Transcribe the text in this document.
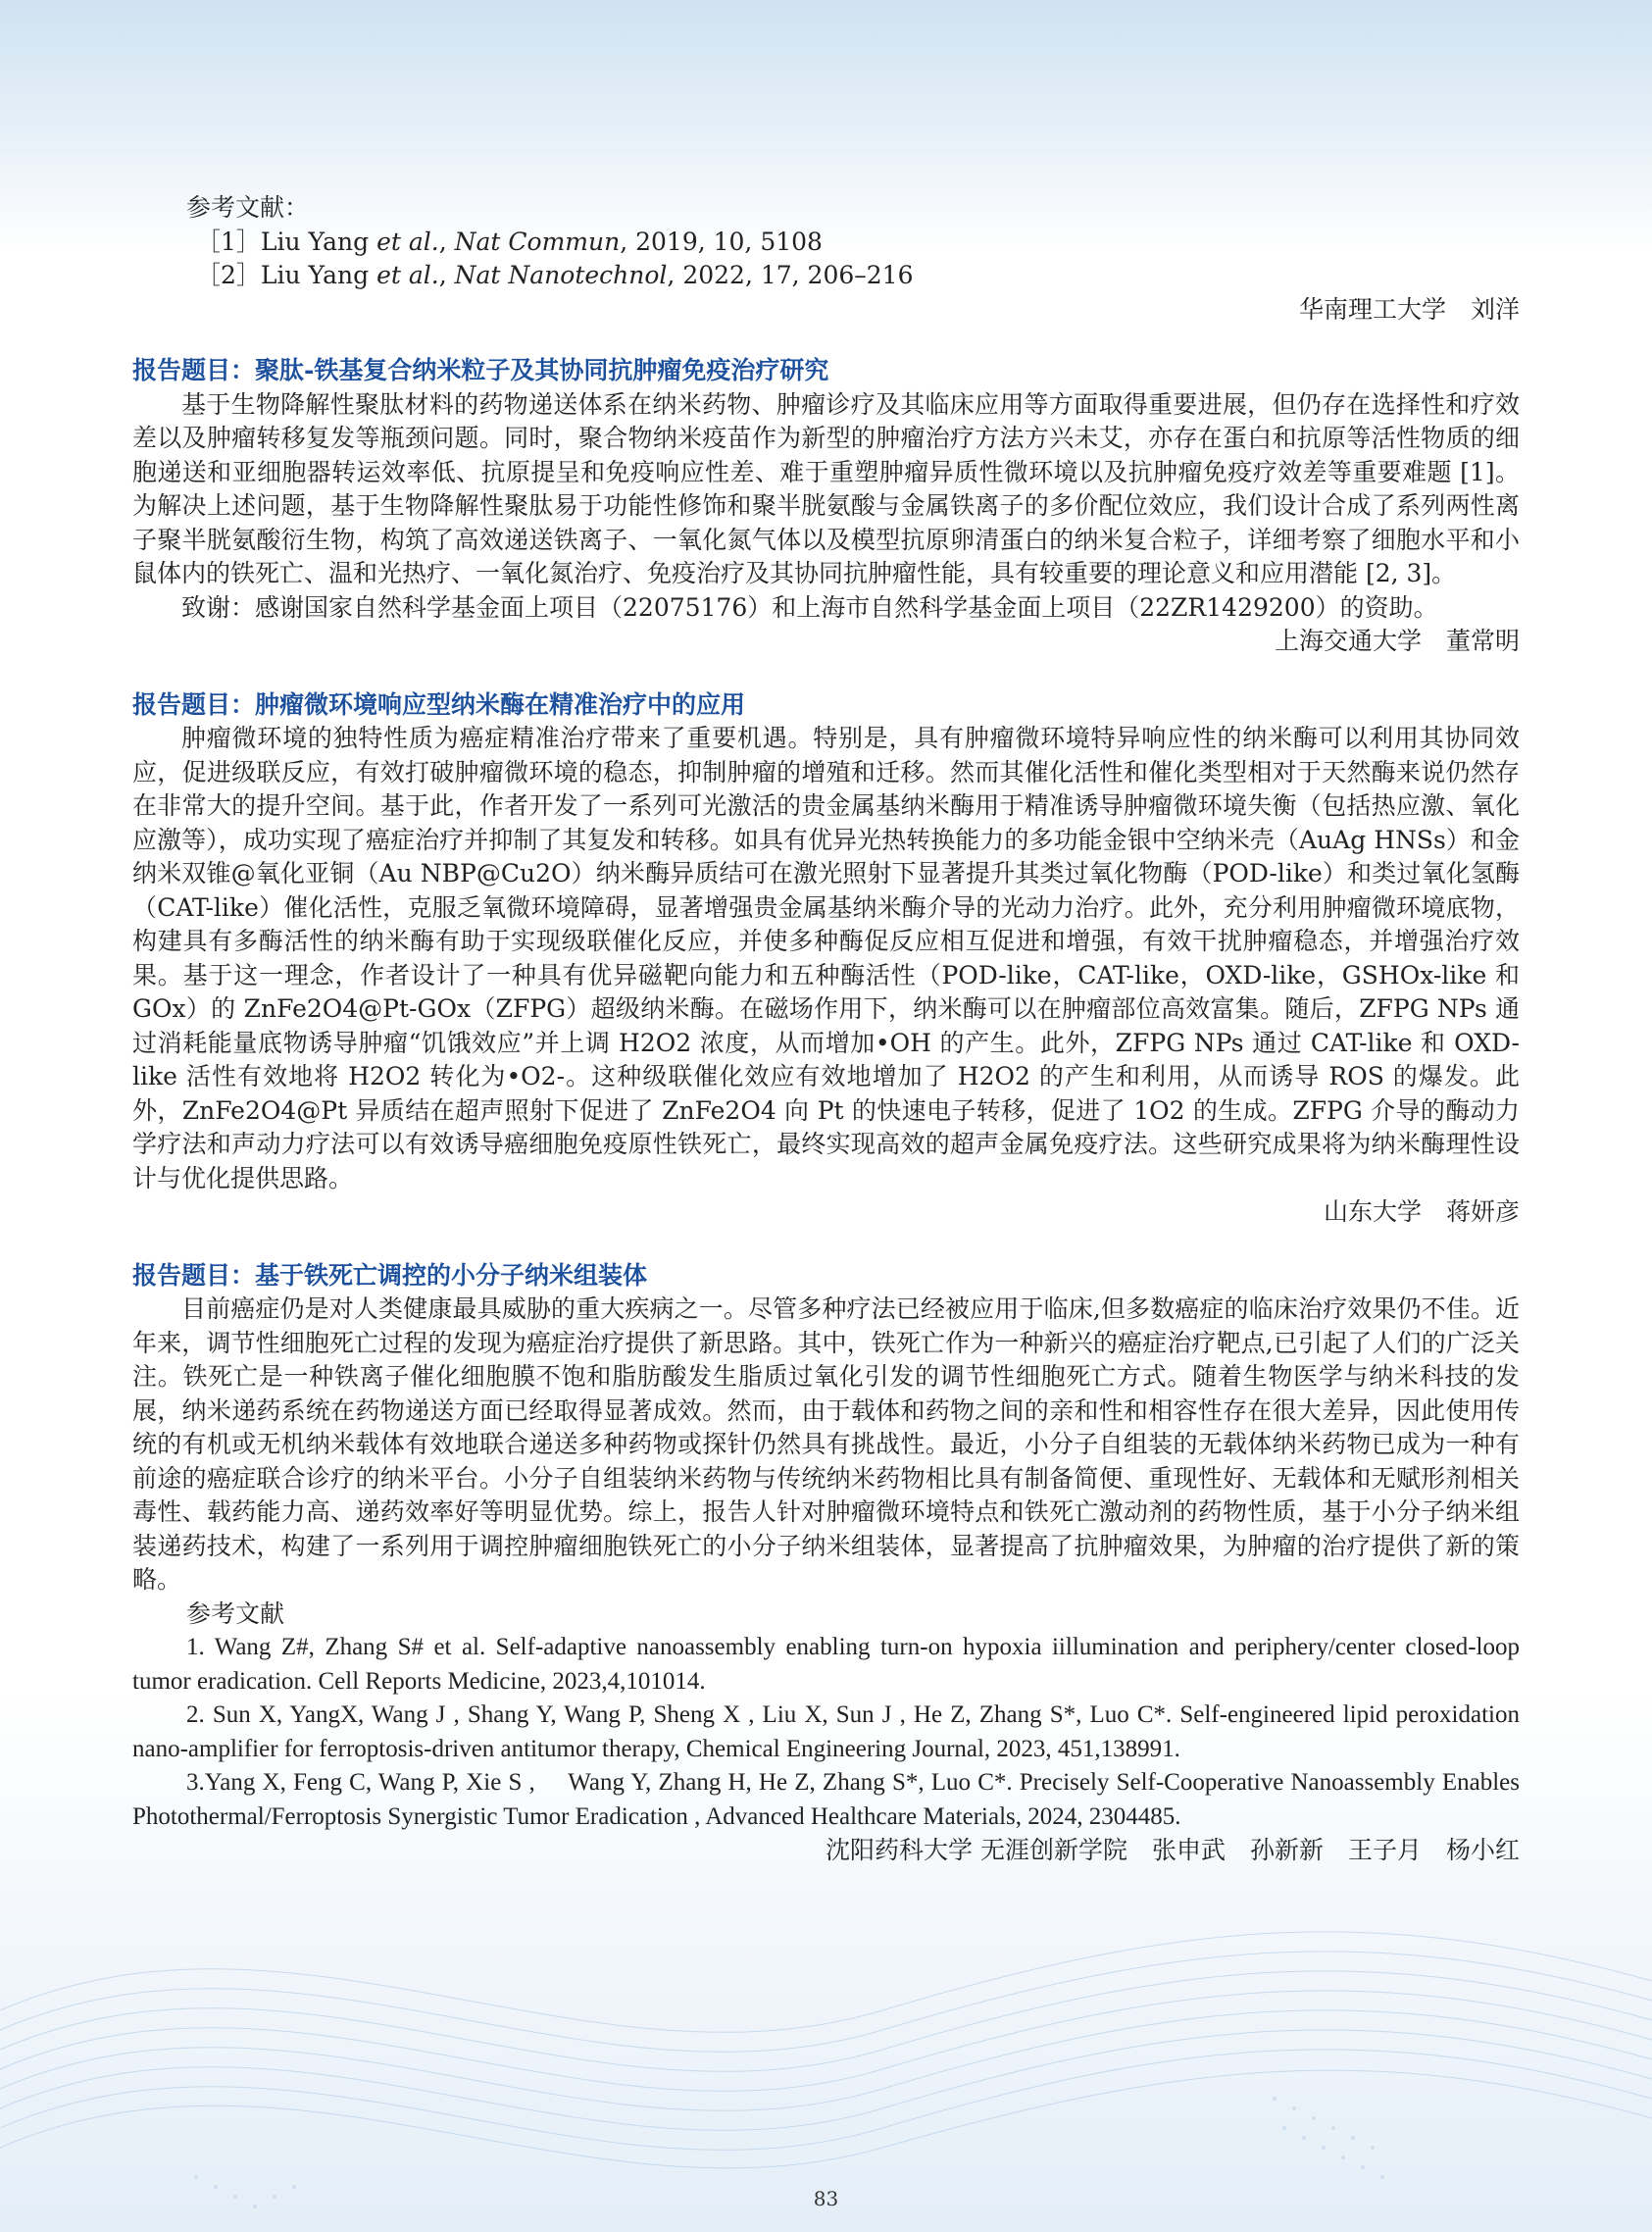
参考文献：
［1］Liu Yang et al., Nat Commun, 2019, 10, 5108
［2］Liu Yang et al., Nat Nanotechnol, 2022, 17, 206–216
华南理工大学　刘洋
报告题目：聚肽-铁基复合纳米粒子及其协同抗肿瘤免疫治疗研究

基于生物降解性聚肽材料的药物递送体系在纳米药物、肿瘤诊疗及其临床应用等方面取得重要进展，但仍存在选择性和疗效差以及肿瘤转移复发等瓶颈问题。同时，聚合物纳米疫苗作为新型的肿瘤治疗方法方兴未艾，亦存在蛋白和抗原等活性物质的细胞递送和亚细胞器转运效率低、抗原提呈和免疫响应性差、难于重塑肿瘤异质性微环境以及抗肿瘤免疫疗效差等重要难题 [1]。为解决上述问题，基于生物降解性聚肽易于功能性修饰和聚半胱氨酸与金属铁离子的多价配位效应，我们设计合成了系列两性离子聚半胱氨酸衍生物，构筑了高效递送铁离子、一氧化氮气体以及模型抗原卵清蛋白的纳米复合粒子，详细考察了细胞水平和小鼠体内的铁死亡、温和光热疗、一氧化氮治疗、免疫治疗及其协同抗肿瘤性能，具有较重要的理论意义和应用潜能 [2, 3]。

致谢：感谢国家自然科学基金面上项目（22075176）和上海市自然科学基金面上项目（22ZR1429200）的资助。

上海交通大学　董常明
报告题目：肿瘤微环境响应型纳米酶在精准治疗中的应用

肿瘤微环境的独特性质为癌症精准治疗带来了重要机遇。特别是，具有肿瘤微环境特异响应性的纳米酶可以利用其协同效应，促进级联反应，有效打破肿瘤微环境的稳态，抑制肿瘤的增殖和迁移。然而其催化活性和催化类型相对于天然酶来说仍然存在非常大的提升空间。基于此，作者开发了一系列可光激活的贵金属基纳米酶用于精准诱导肿瘤微环境失衡（包括热应激、氧化应激等），成功实现了癌症治疗并抑制了其复发和转移。如具有优异光热转换能力的多功能金银中空纳米壳（AuAg HNSs）和金纳米双锥@氧化亚铜（Au NBP@Cu2O）纳米酶异质结可在激光照射下显著提升其类过氧化物酶（POD-like）和类过氧化氢酶（CAT-like）催化活性，克服乏氧微环境障碍，显著增强贵金属基纳米酶介导的光动力治疗。此外，充分利用肿瘤微环境底物，构建具有多酶活性的纳米酶有助于实现级联催化反应，并使多种酶促反应相互促进和增强，有效干扰肿瘤稳态，并增强治疗效果。基于这一理念，作者设计了一种具有优异磁靶向能力和五种酶活性（POD-like，CAT-like，OXD-like，GSHOx-like 和 GOx）的 ZnFe2O4@Pt-GOx（ZFPG）超级纳米酶。在磁场作用下，纳米酶可以在肿瘤部位高效富集。随后，ZFPG NPs 通过消耗能量底物诱导肿瘤“饥饿效应”并上调 H2O2 浓度，从而增加•OH 的产生。此外，ZFPG NPs 通过 CAT-like 和 OXD-like 活性有效地将 H2O2 转化为•O2-。这种级联催化效应有效地增加了 H2O2 的产生和利用，从而诱导 ROS 的爆发。此外，ZnFe2O4@Pt 异质结在超声照射下促进了 ZnFe2O4 向 Pt 的快速电子转移，促进了 1O2 的生成。ZFPG 介导的酶动力学疗法和声动力疗法可以有效诱导癌细胞免疫原性铁死亡，最终实现高效的超声金属免疫疗法。这些研究成果将为纳米酶理性设计与优化提供思路。

山东大学　蒋妍彦
报告题目：基于铁死亡调控的小分子纳米组装体

目前癌症仍是对人类健康最具威胁的重大疾病之一。尽管多种疗法已经被应用于临床,但多数癌症的临床治疗效果仍不佳。近年来，调节性细胞死亡过程的发现为癌症治疗提供了新思路。其中，铁死亡作为一种新兴的癌症治疗靶点,已引起了人们的广泛关注。铁死亡是一种铁离子催化细胞膜不饱和脂肪酸发生脂质过氧化引发的调节性细胞死亡方式。随着生物医学与纳米科技的发展，纳米递药系统在药物递送方面已经取得显著成效。然而，由于载体和药物之间的亲和性和相容性存在很大差异，因此使用传统的有机或无机纳米载体有效地联合递送多种药物或探针仍然具有挑战性。最近，小分子自组装的无载体纳米药物已成为一种有前途的癌症联合诊疗的纳米平台。小分子自组装纳米药物与传统纳米药物相比具有制备简便、重现性好、无载体和无赋形剂相关毒性、载药能力高、递药效率好等明显优势。综上，报告人针对肿瘤微环境特点和铁死亡激动剂的药物性质，基于小分子纳米组装递药技术，构建了一系列用于调控肿瘤细胞铁死亡的小分子纳米组装体，显著提高了抗肿瘤效果，为肿瘤的治疗提供了新的策略。

参考文献

1. Wang Z#, Zhang S# et al. Self-adaptive nanoassembly enabling turn-on hypoxia iillumination and periphery/center closed-loop tumor eradication. Cell Reports Medicine, 2023,4,101014.

2. Sun X, YangX, Wang J , Shang Y, Wang P, Sheng X , Liu X, Sun J , He Z, Zhang S*, Luo C*. Self-engineered lipid peroxidation nano-amplifier for ferroptosis-driven antitumor therapy, Chemical Engineering Journal, 2023, 451,138991.

3.Yang X, Feng C, Wang P, Xie S ,　 Wang Y, Zhang H, He Z, Zhang S*, Luo C*. Precisely Self-Cooperative Nanoassembly Enables Photothermal/Ferroptosis Synergistic Tumor Eradication , Advanced Healthcare Materials, 2024, 2304485.

沈阳药科大学 无涯创新学院　张申武　孙新新　王子月　杨小红
83
